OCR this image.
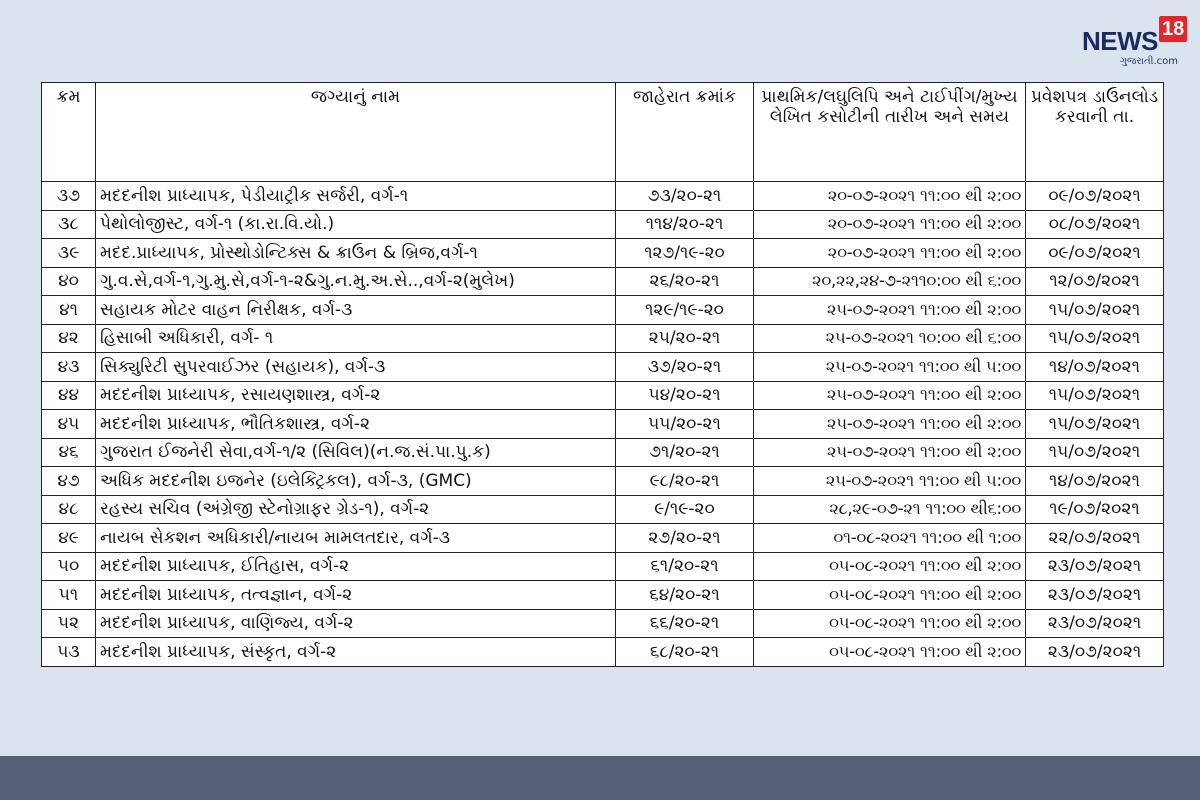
NEWS 18
ગુજરાતી.com
ક્રમ	જગ્યાનું નામ	જાહેરાત ક્રમાંક	પ્રાથમિક/લઘુલિપિ અને ટાઈપીંગ/મુખ્ય લેખિત કસોટીની તારીખ અને સમય	પ્રવેશપત્ર ડાઉનલોડ કરવાની તા.
૩૭	મદદનીશ પ્રાધ્યાપક, પેડીયાટ્રીક સર્જરી, વર્ગ-૧	૭૩/૨૦-૨૧	૨૦-૦૭-૨૦૨૧ ૧૧:૦૦ થી ૨:૦૦	૦૯/૦૭/૨૦૨૧
૩૮	પેથોલોજીસ્ટ, વર્ગ-૧ (કા.રા.વિ.યો.)	૧૧૪/૨૦-૨૧	૨૦-૦૭-૨૦૨૧ ૧૧:૦૦ થી ૨:૦૦	૦૮/૦૭/૨૦૨૧
૩૯	મદદ.પ્રાધ્યાપક, પ્રોસ્થોડોન્ટિક્સ & ક્રાઉન & બ્રિજ,વર્ગ-૧	૧૨૭/૧૯-૨૦	૨૦-૦૭-૨૦૨૧ ૧૧:૦૦ થી ૨:૦૦	૦૯/૦૭/૨૦૨૧
૪૦	ગુ.વ.સે,વર્ગ-૧,ગુ.મુ.સે,વર્ગ-૧-૨&ગુ.ન.મુ.અ.સે..,વર્ગ-૨(મુલેખ)	૨૬/૨૦-૨૧	૨૦,૨૨,૨૪-૭-૨૧૧૦:૦૦ થી ૬:૦૦	૧૨/૦૭/૨૦૨૧
૪૧	સહાયક મોટર વાહન નિરીક્ષક, વર્ગ-૩	૧૨૯/૧૯-૨૦	૨૫-૦૭-૨૦૨૧ ૧૧:૦૦ થી ૨:૦૦	૧૫/૦૭/૨૦૨૧
૪૨	હિસાબી અધિકારી, વર્ગ- ૧	૨૫/૨૦-૨૧	૨૫-૦૭-૨૦૨૧ ૧૦:૦૦ થી ૬:૦૦	૧૫/૦૭/૨૦૨૧
૪૩	સિક્યુરિટી સુપરવાઈઝર (સહાયક), વર્ગ-૩	૩૭/૨૦-૨૧	૨૫-૦૭-૨૦૨૧ ૧૧:૦૦ થી ૫:૦૦	૧૪/૦૭/૨૦૨૧
૪૪	મદદનીશ પ્રાધ્યાપક, રસાયણશાસ્ત્ર, વર્ગ-૨	૫૪/૨૦-૨૧	૨૫-૦૭-૨૦૨૧ ૧૧:૦૦ થી ૨:૦૦	૧૫/૦૭/૨૦૨૧
૪૫	મદદનીશ પ્રાધ્યાપક, ભૌતિકશાસ્ત્ર, વર્ગ-૨	૫૫/૨૦-૨૧	૨૫-૦૭-૨૦૨૧ ૧૧:૦૦ થી ૨:૦૦	૧૫/૦૭/૨૦૨૧
૪૬	ગુજરાત ઈજનેરી સેવા,વર્ગ-૧/૨ (સિવિલ)(ન.જ.સં.પા.પુ.ક)	૭૧/૨૦-૨૧	૨૫-૦૭-૨૦૨૧ ૧૧:૦૦ થી ૨:૦૦	૧૫/૦૭/૨૦૨૧
૪૭	અધિક મદદનીશ ઇજનેર (ઇલેક્ટ્રિકલ), વર્ગ-૩, (GMC)	૯૮/૨૦-૨૧	૨૫-૦૭-૨૦૨૧ ૧૧:૦૦ થી ૫:૦૦	૧૪/૦૭/૨૦૨૧
૪૮	રહસ્ય સચિવ (અંગ્રેજી સ્ટેનોગ્રાફર ગ્રેડ-૧), વર્ગ-૨	૯/૧૯-૨૦	૨૮,૨૯-૦૭-૨૧ ૧૧:૦૦ થી૬:૦૦	૧૯/૦૭/૨૦૨૧
૪૯	નાયબ સેકશન અધિકારી/નાયબ મામલતદાર, વર્ગ-૩	૨૭/૨૦-૨૧	૦૧-૦૮-૨૦૨૧ ૧૧:૦૦ થી ૧:૦૦	૨૨/૦૭/૨૦૨૧
૫૦	મદદનીશ પ્રાધ્યાપક, ઈતિહાસ, વર્ગ-૨	૬૧/૨૦-૨૧	૦૫-૦૮-૨૦૨૧ ૧૧:૦૦ થી ૨:૦૦	૨૩/૦૭/૨૦૨૧
૫૧	મદદનીશ પ્રાધ્યાપક, તત્વજ્ઞાન, વર્ગ-૨	૬૪/૨૦-૨૧	૦૫-૦૮-૨૦૨૧ ૧૧:૦૦ થી ૨:૦૦	૨૩/૦૭/૨૦૨૧
૫૨	મદદનીશ પ્રાધ્યાપક, વાણિજ્ય, વર્ગ-૨	૬૬/૨૦-૨૧	૦૫-૦૮-૨૦૨૧ ૧૧:૦૦ થી ૨:૦૦	૨૩/૦૭/૨૦૨૧
૫૩	મદદનીશ પ્રાધ્યાપક, સંસ્કૃત, વર્ગ-૨	૬૮/૨૦-૨૧	૦૫-૦૮-૨૦૨૧ ૧૧:૦૦ થી ૨:૦૦	૨૩/૦૭/૨૦૨૧
